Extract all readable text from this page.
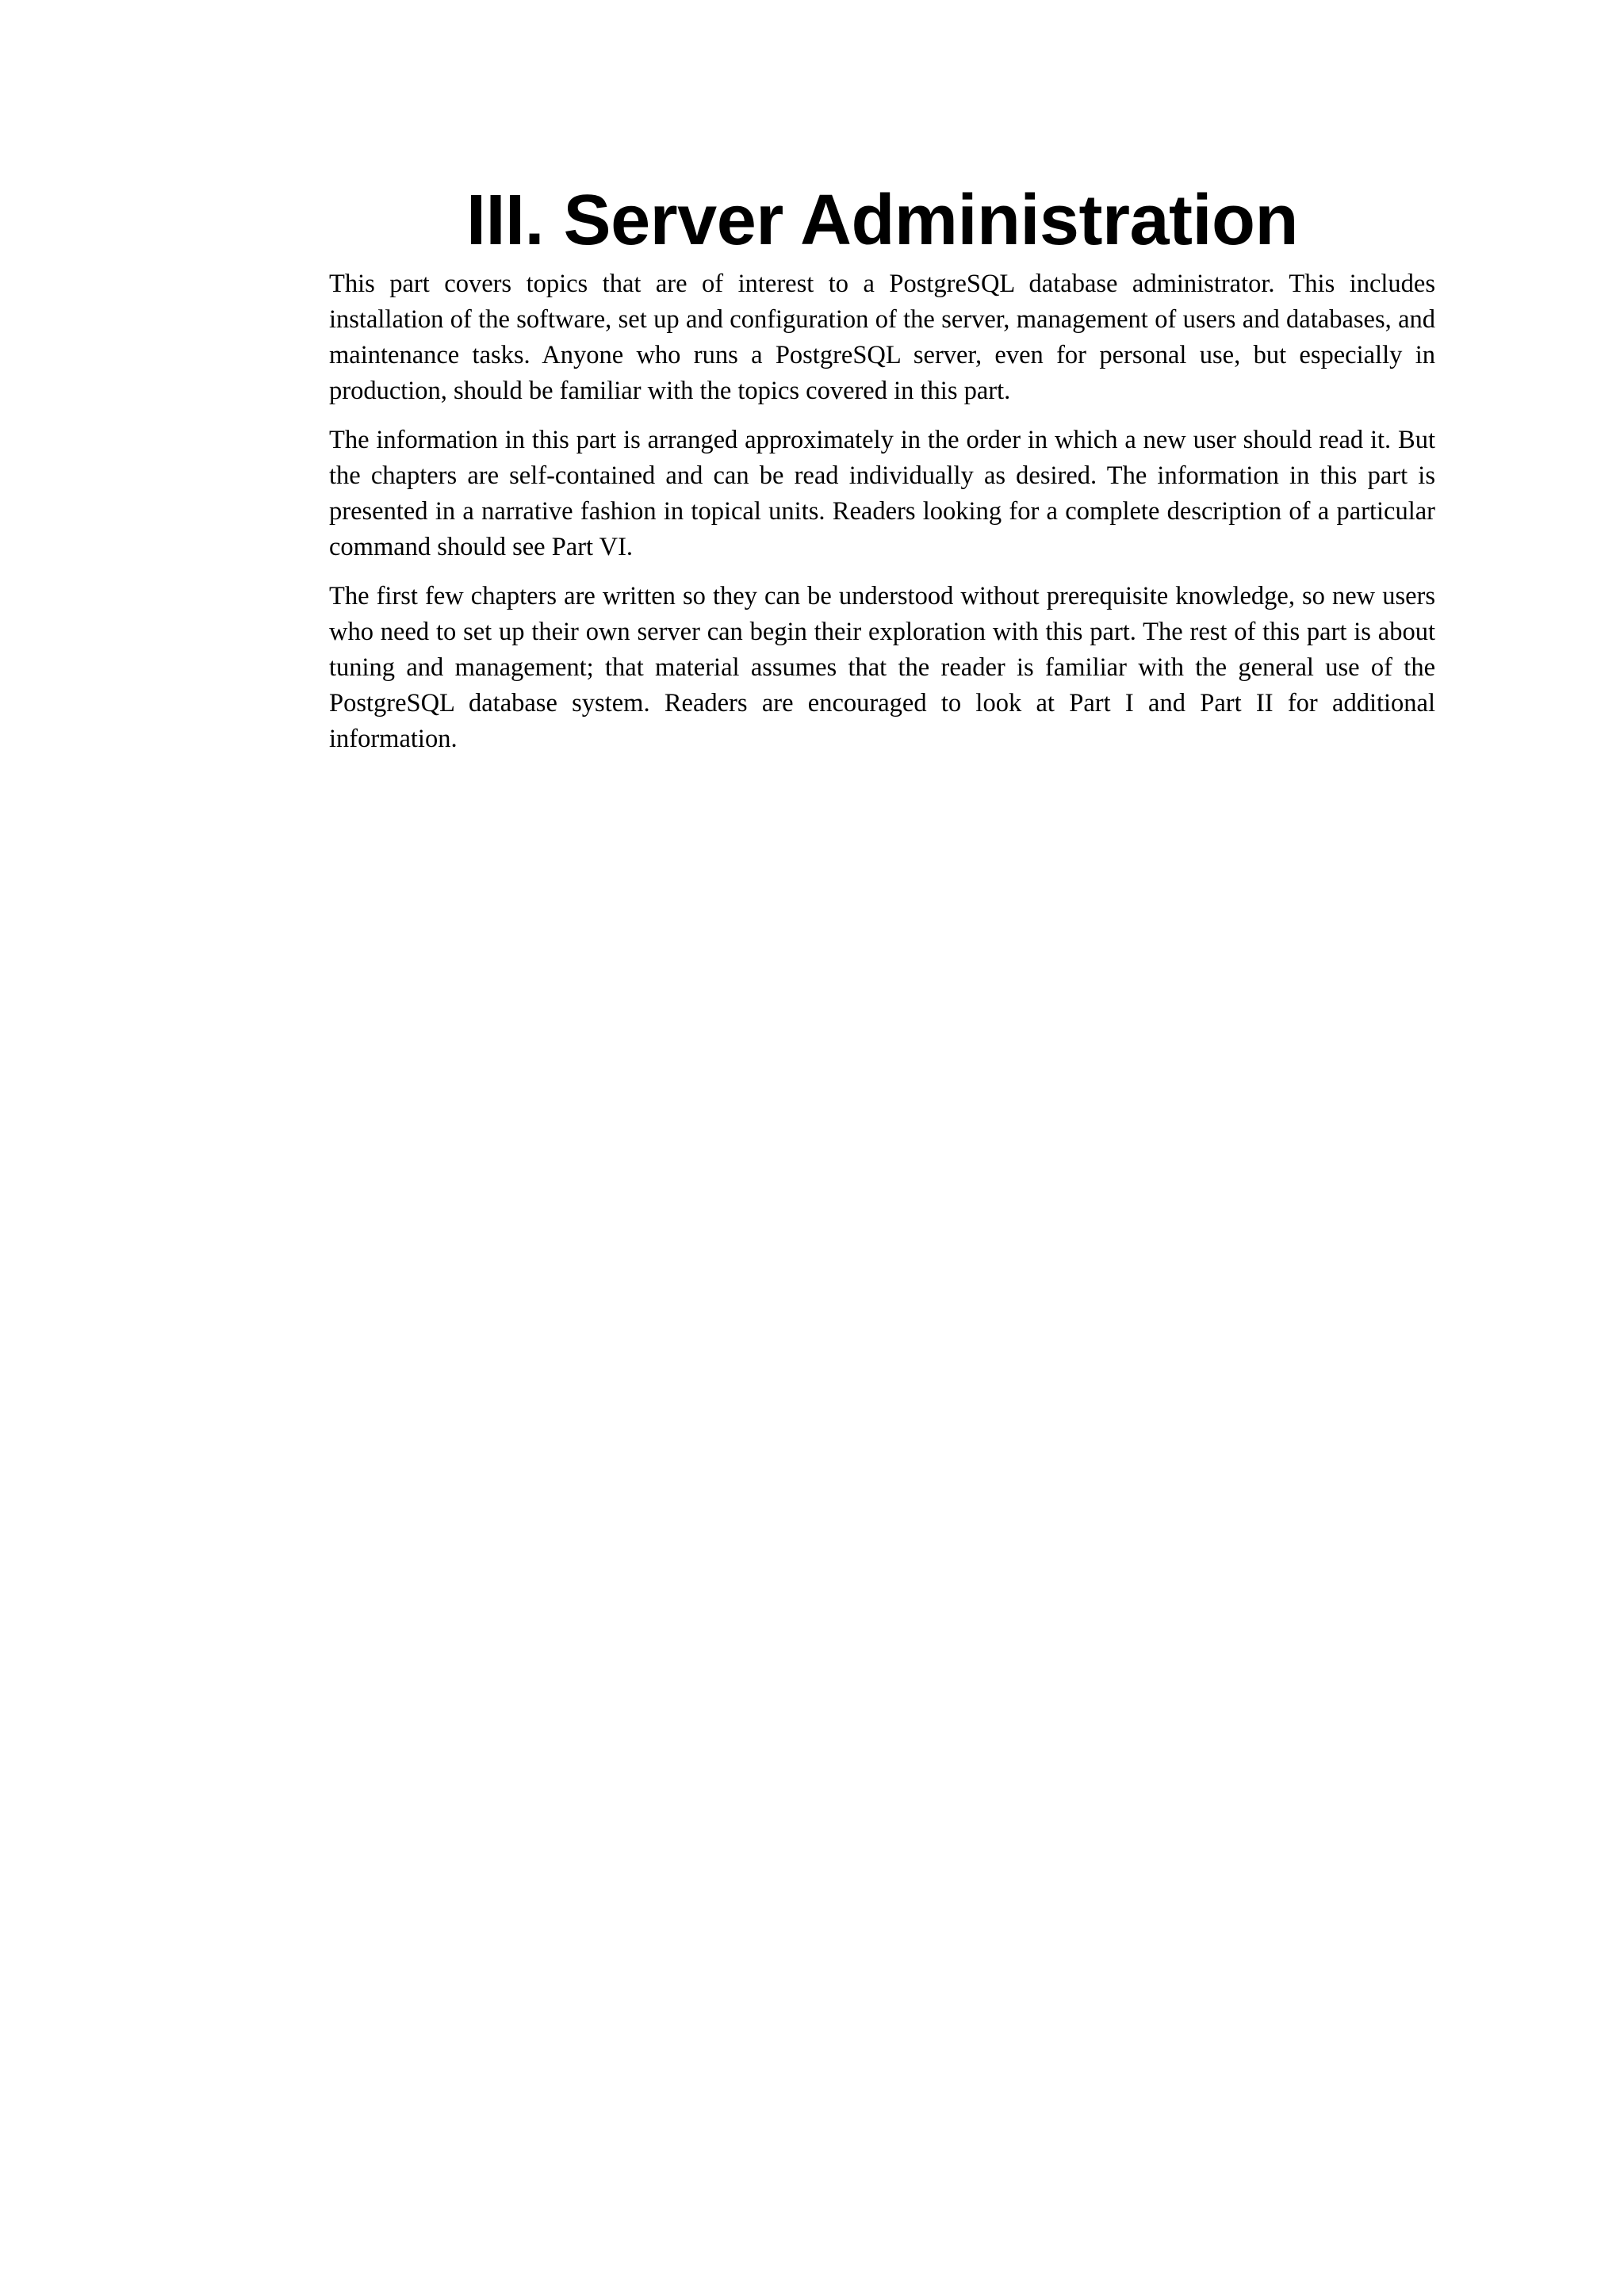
III. Server Administration

This part covers topics that are of interest to a PostgreSQL database administrator. This includes installation of the software, set up and configuration of the server, management of users and databases, and maintenance tasks. Anyone who runs a PostgreSQL server, even for personal use, but especially in production, should be familiar with the topics covered in this part.

The information in this part is arranged approximately in the order in which a new user should read it. But the chapters are self-contained and can be read individually as desired. The information in this part is presented in a narrative fashion in topical units. Readers looking for a complete description of a particular command should see Part VI.

The first few chapters are written so they can be understood without prerequisite knowledge, so new users who need to set up their own server can begin their exploration with this part. The rest of this part is about tuning and management; that material assumes that the reader is familiar with the general use of the PostgreSQL database system. Readers are encouraged to look at Part I and Part II for additional information.
